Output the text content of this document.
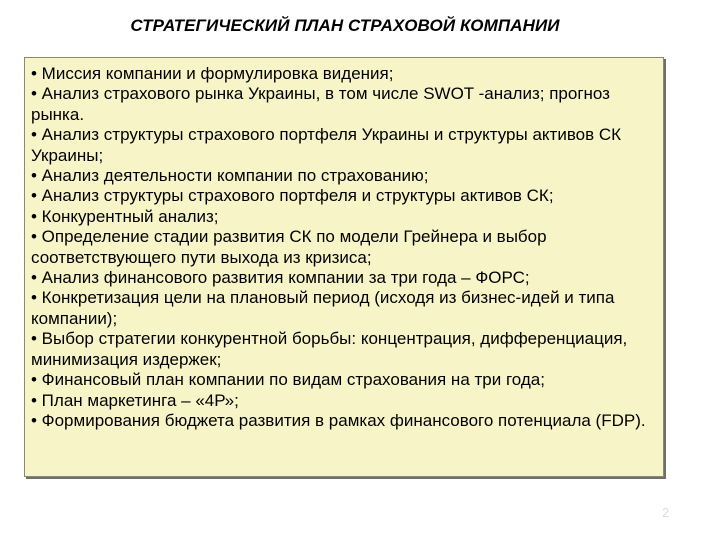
СТРАТЕГИЧЕСКИЙ ПЛАН СТРАХОВОЙ КОМПАНИИ
• Миссия компании и формулировка видения;
• Анализ страхового рынка Украины, в том числе SWOT -анализ; прогноз рынка.
• Анализ структуры страхового портфеля Украины и структуры активов СК Украины;
• Анализ деятельности компании по страхованию;
• Анализ структуры страхового портфеля и структуры активов СК;
• Конкурентный анализ;
• Определение стадии развития СК по модели Грейнера и выбор соответствующего пути выхода из кризиса;
• Анализ финансового развития компании за три года – ФОРС;
• Конкретизация цели на плановый период (исходя из бизнес-идей и типа компании);
• Выбор стратегии конкурентной борьбы: концентрация, дифференциация, минимизация издержек;
• Финансовый план компании по видам страхования на три года;
• План маркетинга – «4Р»;
• Формирования бюджета развития в рамках финансового потенциала (FDP).
2
